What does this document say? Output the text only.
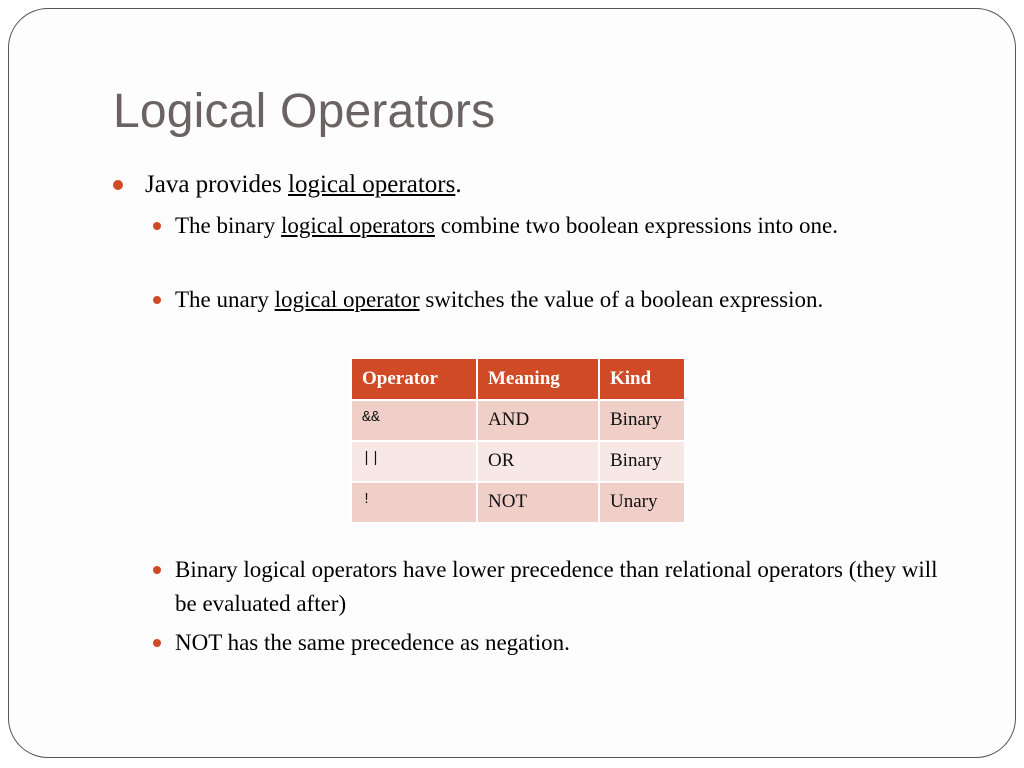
Logical Operators
Java provides logical operators.
The binary logical operators combine two boolean expressions into one.
The unary logical operator switches the value of a boolean expression.
Operator	Meaning	Kind
&&	AND	Binary
||	OR	Binary
!	NOT	Unary
Binary logical operators have lower precedence than relational operators (they will be evaluated after)
NOT has the same precedence as negation.
